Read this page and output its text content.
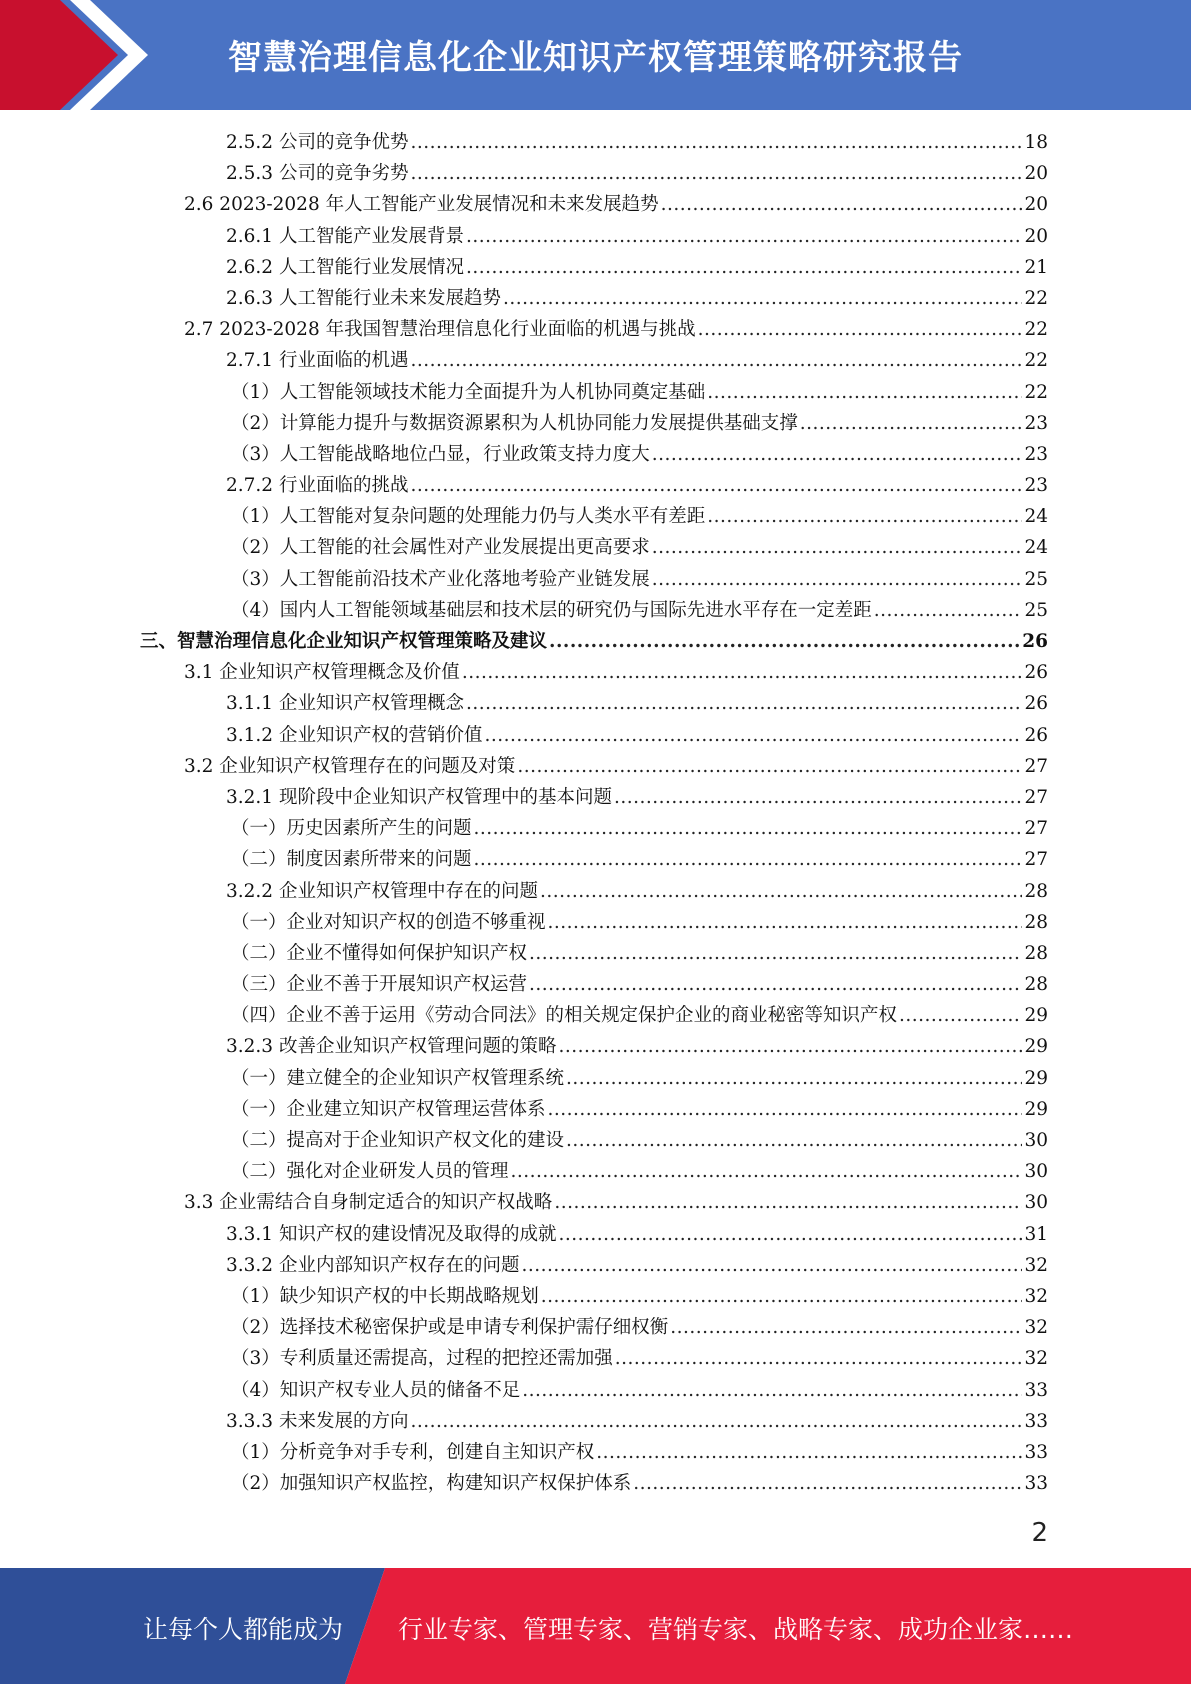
智慧治理信息化企业知识产权管理策略研究报告
2.5.2 公司的竞争优势 .....	18
2.5.3 公司的竞争劣势 .....	20
2.6 2023-2028 年人工智能产业发展情况和未来发展趋势 .....	20
2.6.1 人工智能产业发展背景 .....	20
2.6.2 人工智能行业发展情况 .....	21
2.6.3 人工智能行业未来发展趋势 .....	22
2.7 2023-2028 年我国智慧治理信息化行业面临的机遇与挑战 .....	22
2.7.1 行业面临的机遇 .....	22
（1）人工智能领域技术能力全面提升为人机协同奠定基础 .....	22
（2）计算能力提升与数据资源累积为人机协同能力发展提供基础支撑 .....	23
（3）人工智能战略地位凸显，行业政策支持力度大 .....	23
2.7.2 行业面临的挑战 .....	23
（1）人工智能对复杂问题的处理能力仍与人类水平有差距 .....	24
（2）人工智能的社会属性对产业发展提出更高要求 .....	24
（3）人工智能前沿技术产业化落地考验产业链发展 .....	25
（4）国内人工智能领域基础层和技术层的研究仍与国际先进水平存在一定差距 .....	25
三、智慧治理信息化企业知识产权管理策略及建议 .....	26
3.1 企业知识产权管理概念及价值 .....	26
3.1.1 企业知识产权管理概念 .....	26
3.1.2 企业知识产权的营销价值 .....	26
3.2 企业知识产权管理存在的问题及对策 .....	27
3.2.1 现阶段中企业知识产权管理中的基本问题 .....	27
（一）历史因素所产生的问题 .....	27
（二）制度因素所带来的问题 .....	27
3.2.2 企业知识产权管理中存在的问题 .....	28
（一）企业对知识产权的创造不够重视 .....	28
（二）企业不懂得如何保护知识产权 .....	28
（三）企业不善于开展知识产权运营 .....	28
（四）企业不善于运用《劳动合同法》的相关规定保护企业的商业秘密等知识产权 .....	29
3.2.3 改善企业知识产权管理问题的策略 .....	29
（一）建立健全的企业知识产权管理系统 .....	29
（一）企业建立知识产权管理运营体系 .....	29
（二）提高对于企业知识产权文化的建设 .....	30
（二）强化对企业研发人员的管理 .....	30
3.3 企业需结合自身制定适合的知识产权战略 .....	30
3.3.1 知识产权的建设情况及取得的成就 .....	31
3.3.2 企业内部知识产权存在的问题 .....	32
（1）缺少知识产权的中长期战略规划 .....	32
（2）选择技术秘密保护或是申请专利保护需仔细权衡 .....	32
（3）专利质量还需提高，过程的把控还需加强 .....	32
（4）知识产权专业人员的储备不足 .....	33
3.3.3 未来发展的方向 .....	33
（1）分析竞争对手专利，创建自主知识产权 .....	33
（2）加强知识产权监控，构建知识产权保护体系 .....	33
2
让每个人都能成为 行业专家、管理专家、营销专家、战略专家、成功企业家……
